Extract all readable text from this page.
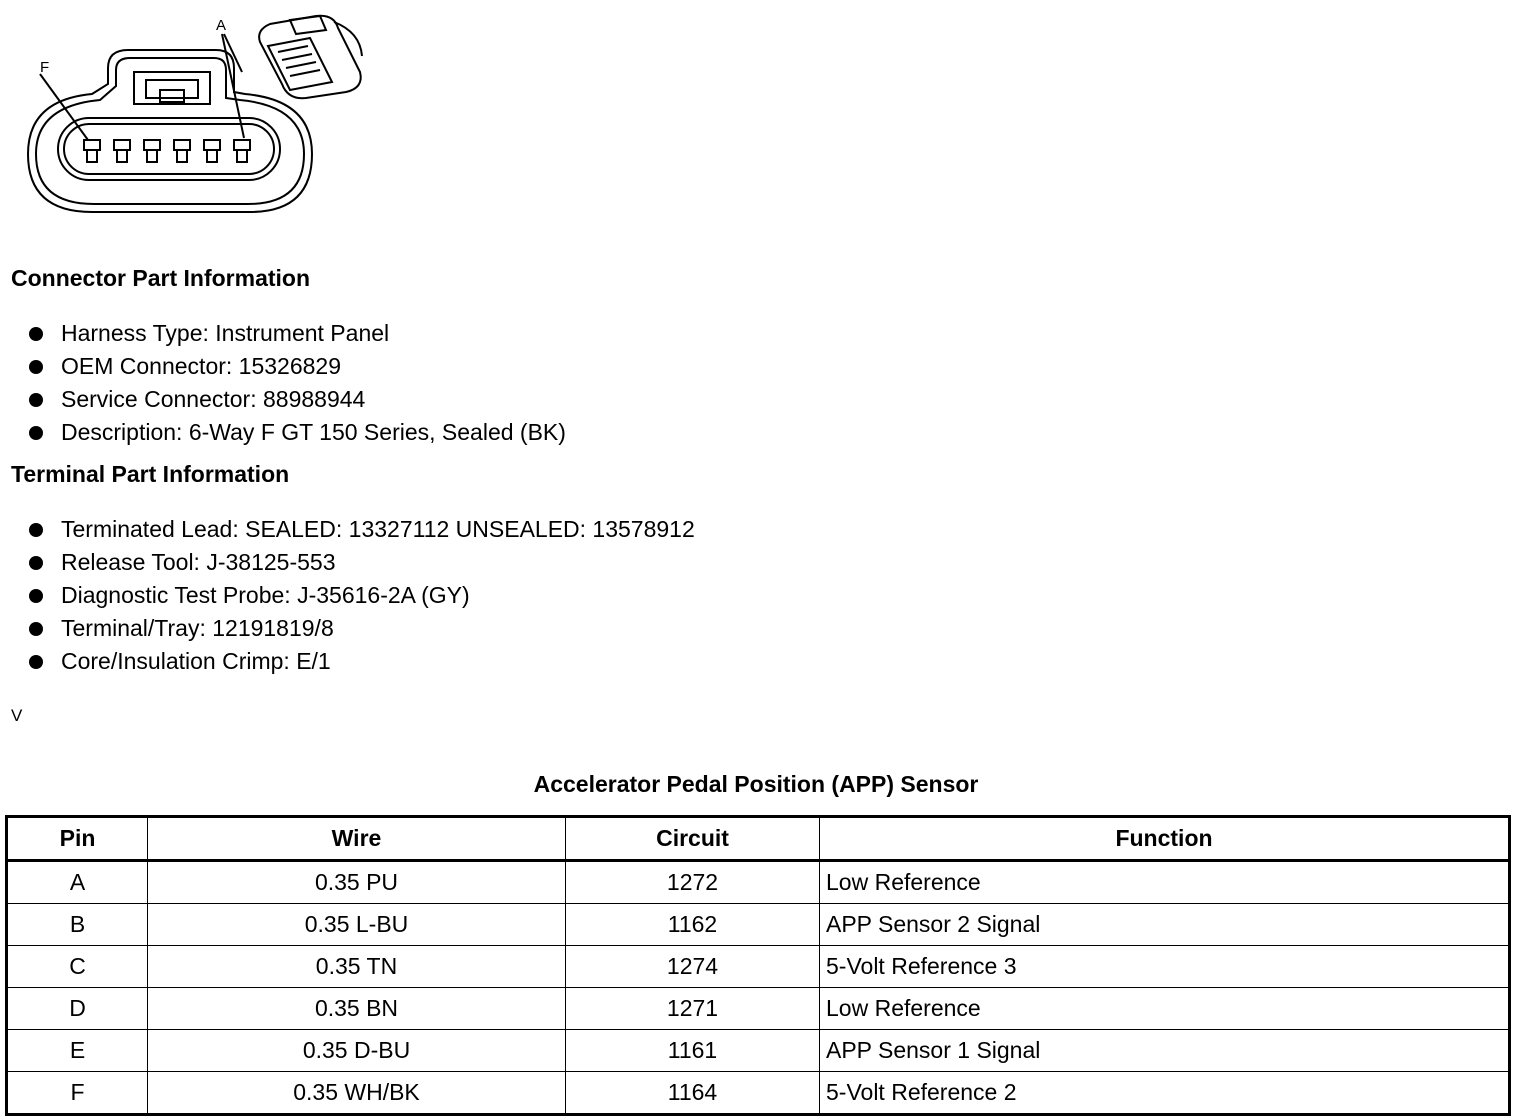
A
F
Connector Part Information
Harness Type: Instrument Panel
OEM Connector: 15326829
Service Connector: 88988944
Description: 6-Way F GT 150 Series, Sealed (BK)
Terminal Part Information
Terminated Lead: SEALED: 13327112 UNSEALED: 13578912
Release Tool: J-38125-553
Diagnostic Test Probe: J-35616-2A (GY)
Terminal/Tray: 12191819/8
Core/Insulation Crimp: E/1
V
Accelerator Pedal Position (APP) Sensor
Pin	Wire	Circuit	Function
A	0.35 PU	1272	Low Reference
B	0.35 L-BU	1162	APP Sensor 2 Signal
C	0.35 TN	1274	5-Volt Reference 3
D	0.35 BN	1271	Low Reference
E	0.35 D-BU	1161	APP Sensor 1 Signal
F	0.35 WH/BK	1164	5-Volt Reference 2
